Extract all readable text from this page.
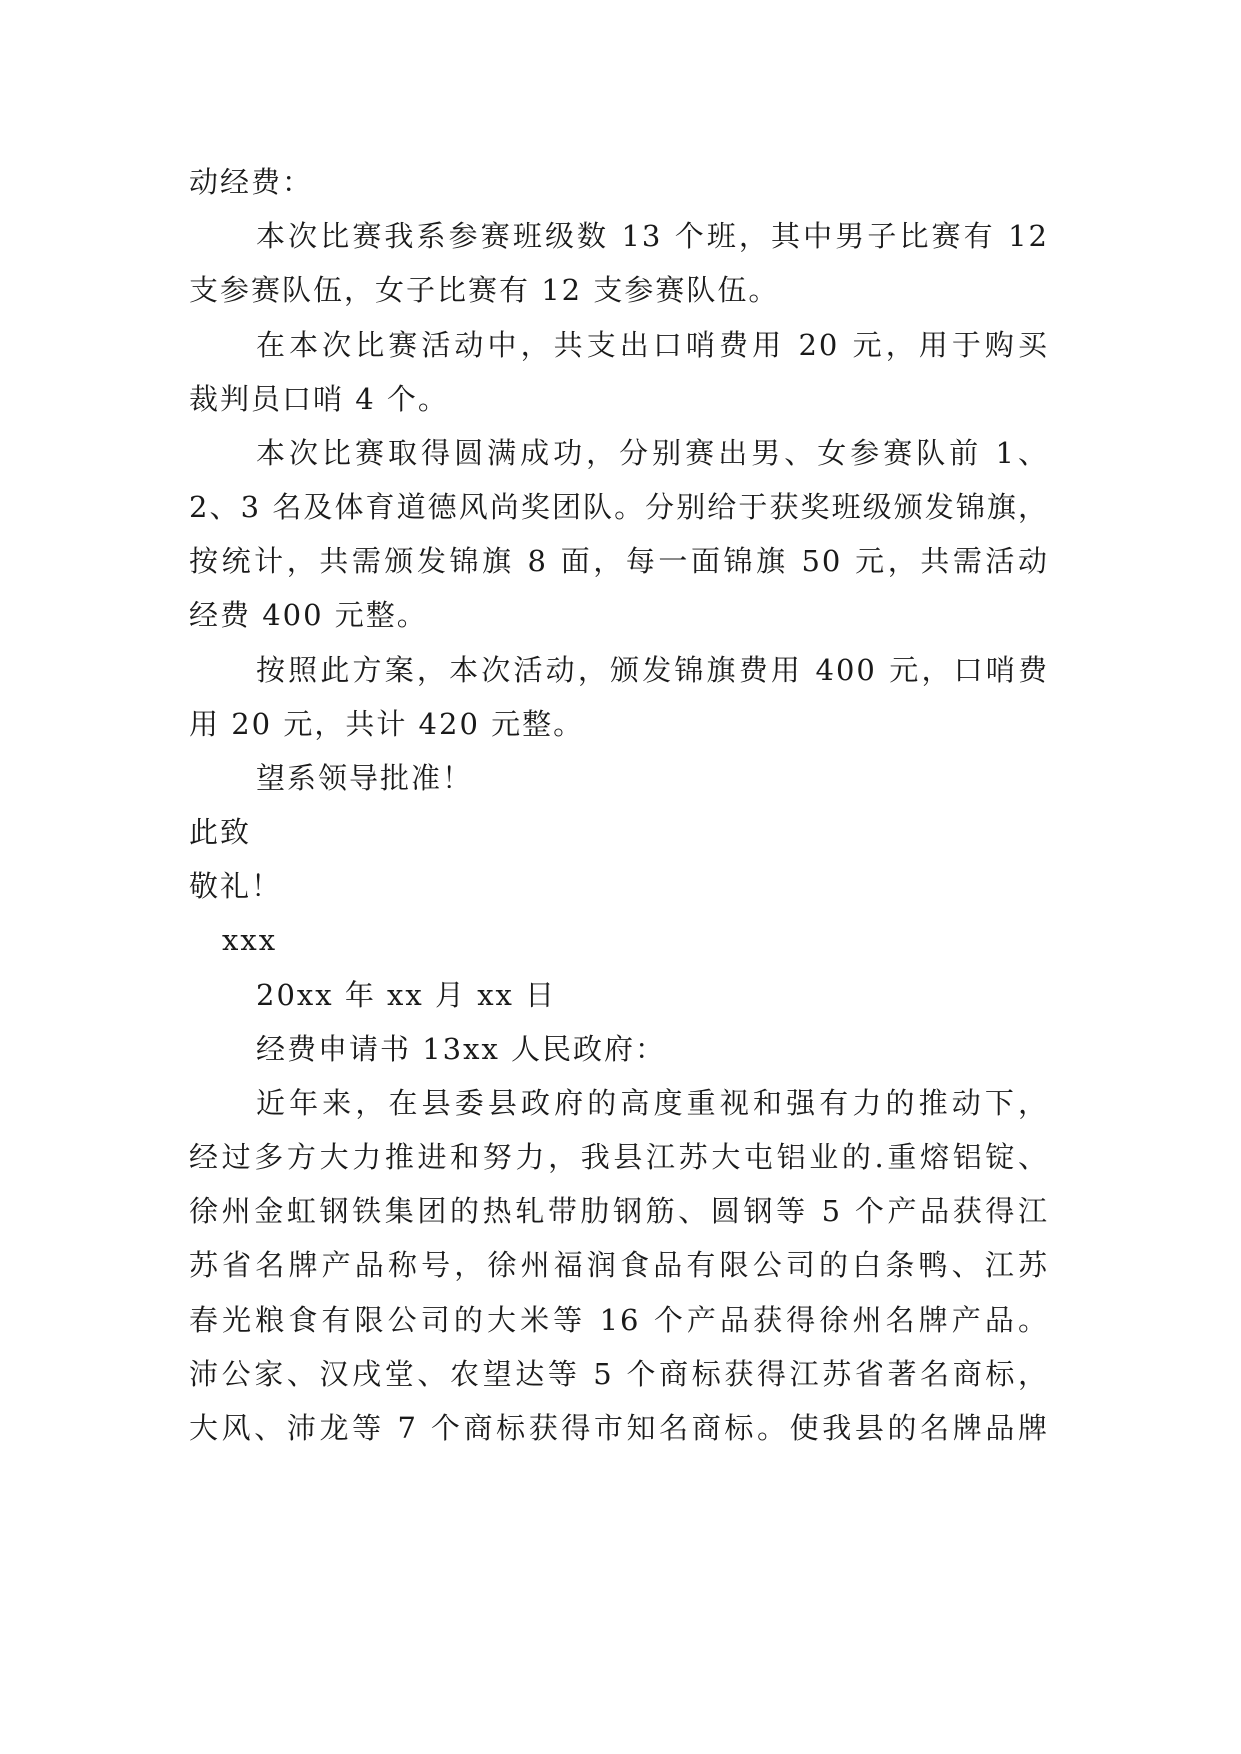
动经费：
本次比赛我系参赛班级数 13 个班，其中男子比赛有 12
支参赛队伍，女子比赛有 12 支参赛队伍。
在本次比赛活动中，共支出口哨费用 20 元，用于购买
裁判员口哨 4 个。
本次比赛取得圆满成功，分别赛出男、女参赛队前 1、
2、3 名及体育道德风尚奖团队。分别给于获奖班级颁发锦旗，
按统计，共需颁发锦旗 8 面，每一面锦旗 50 元，共需活动
经费 400 元整。
按照此方案，本次活动，颁发锦旗费用 400 元，口哨费
用 20 元，共计 420 元整。
望系领导批准！
此致
敬礼！
xxx
20xx 年 xx 月 xx 日
经费申请书 13xx 人民政府：
近年来，在县委县政府的高度重视和强有力的推动下，
经过多方大力推进和努力，我县江苏大屯铝业的.重熔铝锭、
徐州金虹钢铁集团的热轧带肋钢筋、圆钢等 5 个产品获得江
苏省名牌产品称号，徐州福润食品有限公司的白条鸭、江苏
春光粮食有限公司的大米等 16 个产品获得徐州名牌产品。
沛公家、汉戌堂、农望达等 5 个商标获得江苏省著名商标，
大风、沛龙等 7 个商标获得市知名商标。使我县的名牌品牌
